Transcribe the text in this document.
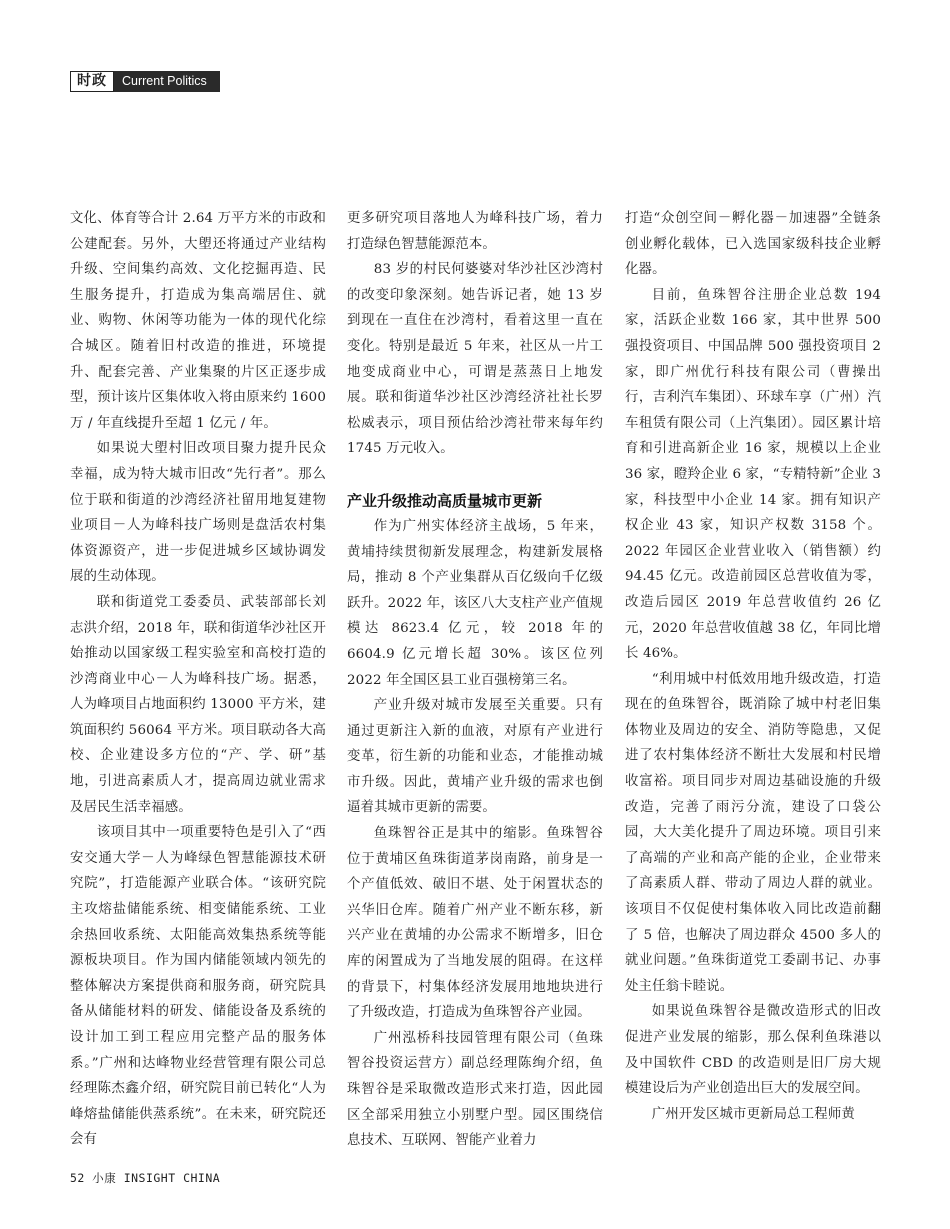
时政	Current Politics

文化、体育等合计 2.64 万平方米的市政和公建配套。另外，大塱还将通过产业结构升级、空间集约高效、文化挖掘再造、民生服务提升，打造成为集高端居住、就业、购物、休闲等功能为一体的现代化综合城区。随着旧村改造的推进，环境提升、配套完善、产业集聚的片区正逐步成型，预计该片区集体收入将由原来约 1600 万 / 年直线提升至超 1 亿元 / 年。

如果说大塱村旧改项目聚力提升民众幸福，成为特大城市旧改“先行者”。那么位于联和街道的沙湾经济社留用地复建物业项目－人为峰科技广场则是盘活农村集体资源资产，进一步促进城乡区域协调发展的生动体现。

联和街道党工委委员、武装部部长刘志洪介绍，2018 年，联和街道华沙社区开始推动以国家级工程实验室和高校打造的沙湾商业中心－人为峰科技广场。据悉，人为峰项目占地面积约 13000 平方米，建筑面积约 56064 平方米。项目联动各大高校、企业建设多方位的“产、学、研”基地，引进高素质人才，提高周边就业需求及居民生活幸福感。

该项目其中一项重要特色是引入了“西安交通大学－人为峰绿色智慧能源技术研究院”，打造能源产业联合体。“该研究院主攻熔盐储能系统、相变储能系统、工业余热回收系统、太阳能高效集热系统等能源板块项目。作为国内储能领域内领先的整体解决方案提供商和服务商，研究院具备从储能材料的研发、储能设备及系统的设计加工到工程应用完整产品的服务体系。”广州和达峰物业经营管理有限公司总经理陈杰鑫介绍，研究院目前已转化“人为峰熔盐储能供蒸系统”。在未来，研究院还会有

更多研究项目落地人为峰科技广场，着力打造绿色智慧能源范本。

83 岁的村民何婆婆对华沙社区沙湾村的改变印象深刻。她告诉记者，她 13 岁到现在一直住在沙湾村，看着这里一直在变化。特别是最近 5 年来，社区从一片工地变成商业中心，可谓是蒸蒸日上地发展。联和街道华沙社区沙湾经济社社长罗松威表示，项目预估给沙湾社带来每年约 1745 万元收入。

产业升级推动高质量城市更新

作为广州实体经济主战场，5 年来，黄埔持续贯彻新发展理念，构建新发展格局，推动 8 个产业集群从百亿级向千亿级跃升。2022 年，该区八大支柱产业产值规模达 8623.4 亿元，较 2018 年的 6604.9 亿元增长超 30%。该区位列 2022 年全国区县工业百强榜第三名。

产业升级对城市发展至关重要。只有通过更新注入新的血液，对原有产业进行变革，衍生新的功能和业态，才能推动城市升级。因此，黄埔产业升级的需求也倒逼着其城市更新的需要。

鱼珠智谷正是其中的缩影。鱼珠智谷位于黄埔区鱼珠街道茅岗南路，前身是一个产值低效、破旧不堪、处于闲置状态的兴华旧仓库。随着广州产业不断东移，新兴产业在黄埔的办公需求不断增多，旧仓库的闲置成为了当地发展的阻碍。在这样的背景下，村集体经济发展用地地块进行了升级改造，打造成为鱼珠智谷产业园。

广州泓桥科技园管理有限公司（鱼珠智谷投资运营方）副总经理陈绚介绍，鱼珠智谷是采取微改造形式来打造，因此园区全部采用独立小别墅户型。园区围绕信息技术、互联网、智能产业着力

打造“众创空间－孵化器－加速器”全链条创业孵化载体，已入选国家级科技企业孵化器。

目前，鱼珠智谷注册企业总数 194 家，活跃企业数 166 家，其中世界 500 强投资项目、中国品牌 500 强投资项目 2 家，即广州优行科技有限公司（曹操出行，吉利汽车集团）、环球车享（广州）汽车租赁有限公司（上汽集团）。园区累计培育和引进高新企业 16 家，规模以上企业 36 家，瞪羚企业 6 家，“专精特新”企业 3 家，科技型中小企业 14 家。拥有知识产权企业 43 家，知识产权数 3158 个。2022 年园区企业营业收入（销售额）约 94.45 亿元。改造前园区总营收值为零，改造后园区 2019 年总营收值约 26 亿元，2020 年总营收值越 38 亿，年同比增长 46%。

“利用城中村低效用地升级改造，打造现在的鱼珠智谷，既消除了城中村老旧集体物业及周边的安全、消防等隐患，又促进了农村集体经济不断壮大发展和村民增收富裕。项目同步对周边基础设施的升级改造，完善了雨污分流，建设了口袋公园，大大美化提升了周边环境。项目引来了高端的产业和高产能的企业，企业带来了高素质人群、带动了周边人群的就业。该项目不仅促使村集体收入同比改造前翻了 5 倍，也解决了周边群众 4500 多人的就业问题。”鱼珠街道党工委副书记、办事处主任翁卡睦说。

如果说鱼珠智谷是微改造形式的旧改促进产业发展的缩影，那么保利鱼珠港以及中国软件 CBD 的改造则是旧厂房大规模建设后为产业创造出巨大的发展空间。

广州开发区城市更新局总工程师黄

52 小康 INSIGHT CHINA
